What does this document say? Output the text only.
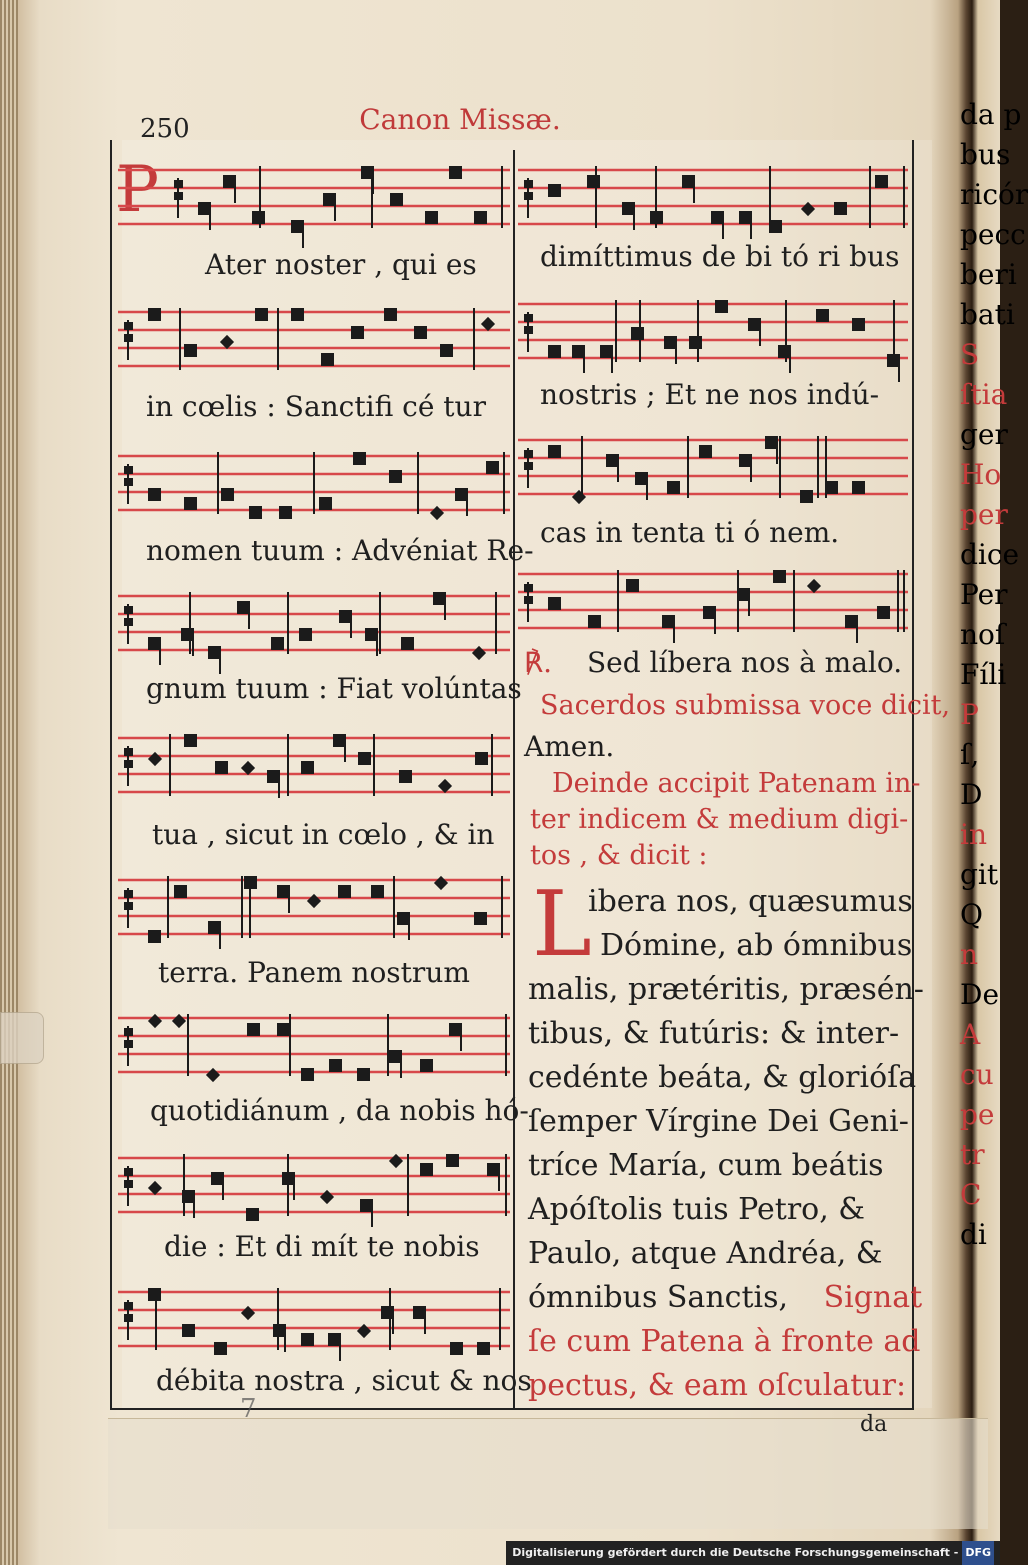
250	Canon Missæ.
P
Ater noster , qui es
in cœlis : Sanctifi cé tur
nomen tuum : Advéniat Re-
gnum tuum : Fiat volúntas
tua , sicut in cœlo , & in
terra. Panem nostrum
quotidiánum , da nobis hó-
die : Et di mít te nobis
débita nostra , sicut & nos
7
dimíttimus de bi tó ri bus
nostris ; Et ne nos indú-
cas in tenta ti ó nem.
℟. Sed líbera nos à malo.
Sacerdos submissa voce dicit,
Amen.
Deinde accipit Patenam in-
ter indicem & medium digi-
tos , & dicit :
L
ibera nos, quæsumus
Dómine, ab ómnibus
malis, prætéritis, præsén-
tibus, & futúris: & inter-
cedénte beáta, & glorióſa
ſemper Vírgine Dei Geni-
tríce María, cum beátis
Apóſtolis tuis Petro, &
Paulo, atque Andréa, &
ómnibus Sanctis, Signat
ſe cum Patena à fronte ad
pectus, & eam oſculatur:
da
da p
bus
ricór
pecc
beri
bati
S
ſtia
ger
Ho
per
dice
Per
noſ
Fíli
P
ſ,
D
in
git
Q
n
De
A
cu
pe
tr
C
di
Digitalisierung gefördert durch die Deutsche Forschungsgemeinschaft - DFG
